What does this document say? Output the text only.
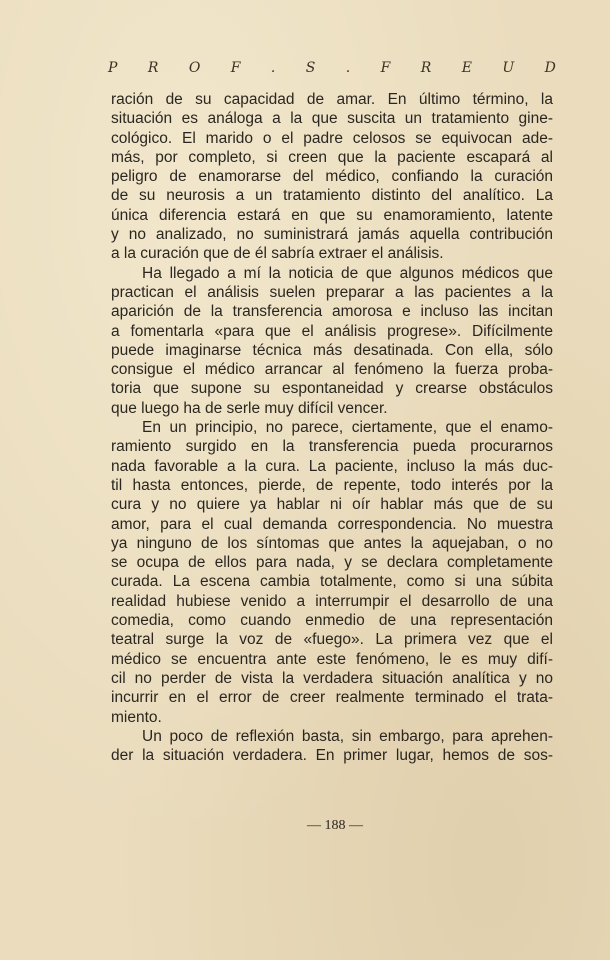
P R O F . S . F R E U D
ración de su capacidad de amar. En último término, la
situación es análoga a la que suscita un tratamiento gine-
cológico. El marido o el padre celosos se equivocan ade-
más, por completo, si creen que la paciente escapará al
peligro de enamorarse del médico, confiando la curación
de su neurosis a un tratamiento distinto del analítico. La
única diferencia estará en que su enamoramiento, latente
y no analizado, no suministrará jamás aquella contribución
a la curación que de él sabría extraer el análisis.
Ha llegado a mí la noticia de que algunos médicos que
practican el análisis suelen preparar a las pacientes a la
aparición de la transferencia amorosa e incluso las incitan
a fomentarla «para que el análisis progrese». Difícilmente
puede imaginarse técnica más desatinada. Con ella, sólo
consigue el médico arrancar al fenómeno la fuerza proba-
toria que supone su espontaneidad y crearse obstáculos
que luego ha de serle muy difícil vencer.
En un principio, no parece, ciertamente, que el enamo-
ramiento surgido en la transferencia pueda procurarnos
nada favorable a la cura. La paciente, incluso la más duc-
til hasta entonces, pierde, de repente, todo interés por la
cura y no quiere ya hablar ni oír hablar más que de su
amor, para el cual demanda correspondencia. No muestra
ya ninguno de los síntomas que antes la aquejaban, o no
se ocupa de ellos para nada, y se declara completamente
curada. La escena cambia totalmente, como si una súbita
realidad hubiese venido a interrumpir el desarrollo de una
comedia, como cuando enmedio de una representación
teatral surge la voz de «fuego». La primera vez que el
médico se encuentra ante este fenómeno, le es muy difí-
cil no perder de vista la verdadera situación analítica y no
incurrir en el error de creer realmente terminado el trata-
miento.
Un poco de reflexión basta, sin embargo, para aprehen-
der la situación verdadera. En primer lugar, hemos de sos-
— 188 —
